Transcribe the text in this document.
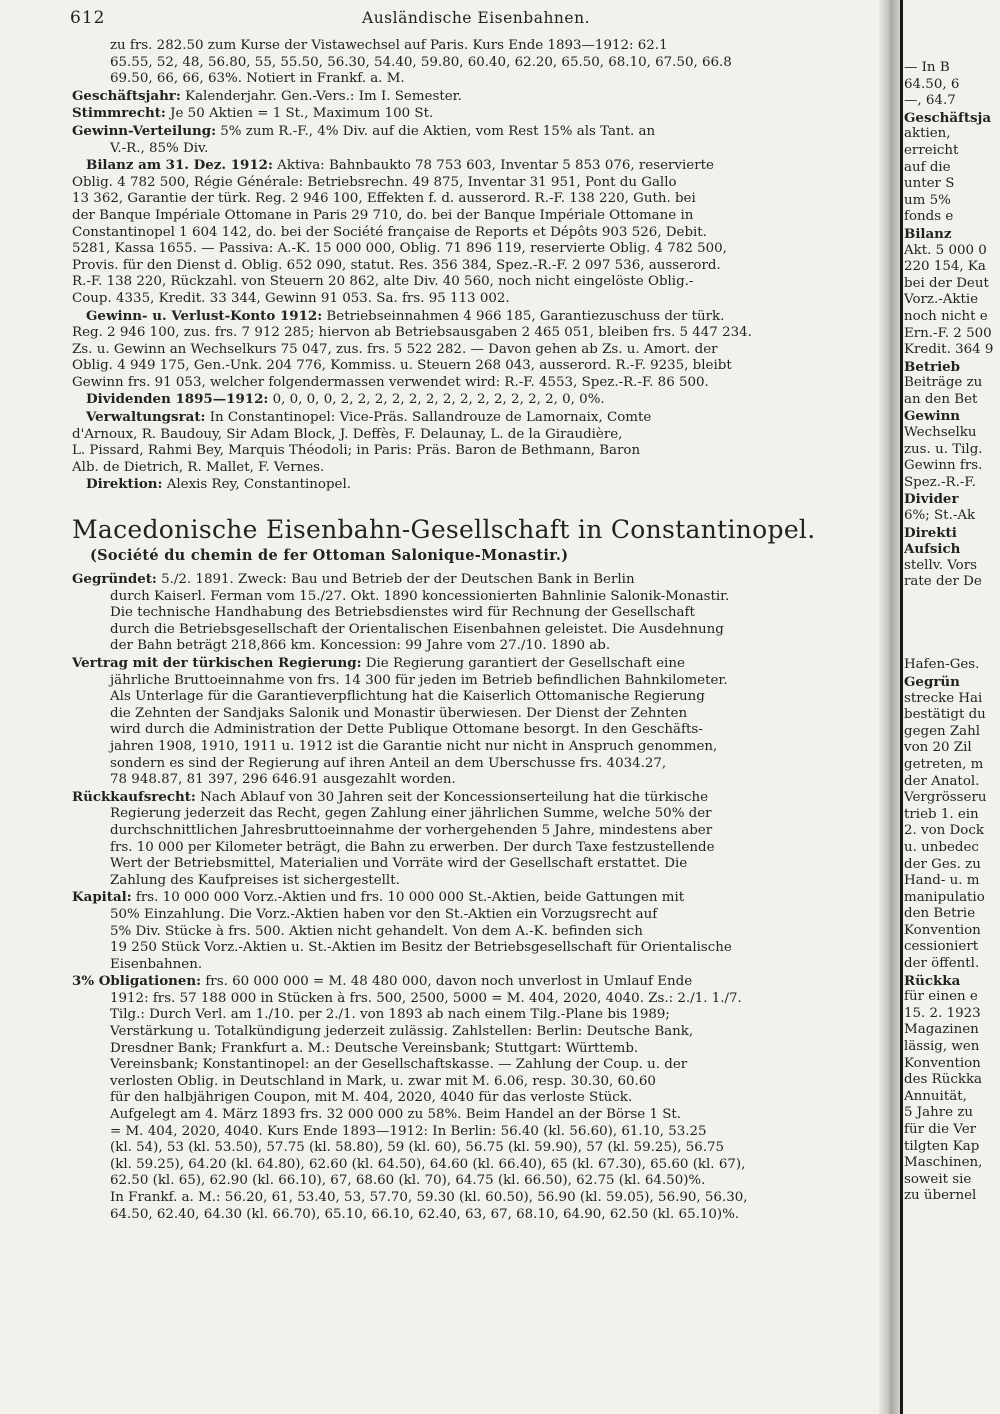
612	Ausländische Eisenbahnen.
zu frs. 282.50 zum Kurse der Vistawechsel auf Paris. Kurs Ende 1893—1912: 62.1
65.55, 52, 48, 56.80, 55, 55.50, 56.30, 54.40, 59.80, 60.40, 62.20, 65.50, 68.10, 67.50, 66.8
69.50, 66, 66, 63%. Notiert in Frankf. a. M.
Geschäftsjahr: Kalenderjahr. Gen.-Vers.: Im I. Semester.
Stimmrecht: Je 50 Aktien = 1 St., Maximum 100 St.
Gewinn-Verteilung: 5% zum R.-F., 4% Div. auf die Aktien, vom Rest 15% als Tant. an
V.-R., 85% Div.
Bilanz am 31. Dez. 1912: Aktiva: Bahnbaukto 78 753 603, Inventar 5 853 076, reservierte
Oblig. 4 782 500, Régie Générale: Betriebsrechn. 49 875, Inventar 31 951, Pont du Gallo
13 362, Garantie der türk. Reg. 2 946 100, Effekten f. d. ausserord. R.-F. 138 220, Guth. bei
der Banque Impériale Ottomane in Paris 29 710, do. bei der Banque Impériale Ottomane in
Constantinopel 1 604 142, do. bei der Société française de Reports et Dépôts 903 526, Debit.
5281, Kassa 1655. — Passiva: A.-K. 15 000 000, Oblig. 71 896 119, reservierte Oblig. 4 782 500,
Provis. für den Dienst d. Oblig. 652 090, statut. Res. 356 384, Spez.-R.-F. 2 097 536, ausserord.
R.-F. 138 220, Rückzahl. von Steuern 20 862, alte Div. 40 560, noch nicht eingelöste Oblig.-
Coup. 4335, Kredit. 33 344, Gewinn 91 053. Sa. frs. 95 113 002.
Gewinn- u. Verlust-Konto 1912: Betriebseinnahmen 4 966 185, Garantiezuschuss der türk.
Reg. 2 946 100, zus. frs. 7 912 285; hiervon ab Betriebsausgaben 2 465 051, bleiben frs. 5 447 234.
Zs. u. Gewinn an Wechselkurs 75 047, zus. frs. 5 522 282. — Davon gehen ab Zs. u. Amort. der
Oblig. 4 949 175, Gen.-Unk. 204 776, Kommiss. u. Steuern 268 043, ausserord. R.-F. 9235, bleibt
Gewinn frs. 91 053, welcher folgendermassen verwendet wird: R.-F. 4553, Spez.-R.-F. 86 500.
Dividenden 1895—1912: 0, 0, 0, 0, 2, 2, 2, 2, 2, 2, 2, 2, 2, 2, 2, 2, 2, 0, 0%.
Verwaltungsrat: In Constantinopel: Vice-Präs. Sallandrouze de Lamornaix, Comte
d'Arnoux, R. Baudouy, Sir Adam Block, J. Deffès, F. Delaunay, L. de la Giraudière,
L. Pissard, Rahmi Bey, Marquis Théodoli; in Paris: Präs. Baron de Bethmann, Baron
Alb. de Dietrich, R. Mallet, F. Vernes.
Direktion: Alexis Rey, Constantinopel.
Macedonische Eisenbahn-Gesellschaft in Constantinopel.
(Société du chemin de fer Ottoman Salonique-Monastir.)
Gegründet: 5./2. 1891. Zweck: Bau und Betrieb der der Deutschen Bank in Berlin
durch Kaiserl. Ferman vom 15./27. Okt. 1890 koncessionierten Bahnlinie Salonik-Monastir.
Die technische Handhabung des Betriebsdienstes wird für Rechnung der Gesellschaft
durch die Betriebsgesellschaft der Orientalischen Eisenbahnen geleistet. Die Ausdehnung
der Bahn beträgt 218,866 km. Koncession: 99 Jahre vom 27./10. 1890 ab.
Vertrag mit der türkischen Regierung: Die Regierung garantiert der Gesellschaft eine
jährliche Bruttoeinnahme von frs. 14 300 für jeden im Betrieb befindlichen Bahnkilometer.
Als Unterlage für die Garantieverpflichtung hat die Kaiserlich Ottomanische Regierung
die Zehnten der Sandjaks Salonik und Monastir überwiesen. Der Dienst der Zehnten
wird durch die Administration der Dette Publique Ottomane besorgt. In den Geschäfts-
jahren 1908, 1910, 1911 u. 1912 ist die Garantie nicht nur nicht in Anspruch genommen,
sondern es sind der Regierung auf ihren Anteil an dem Überschusse frs. 4034.27,
78 948.87, 81 397, 296 646.91 ausgezahlt worden.
Rückkaufsrecht: Nach Ablauf von 30 Jahren seit der Koncessionserteilung hat die türkische
Regierung jederzeit das Recht, gegen Zahlung einer jährlichen Summe, welche 50% der
durchschnittlichen Jahresbruttoeinnahme der vorhergehenden 5 Jahre, mindestens aber
frs. 10 000 per Kilometer beträgt, die Bahn zu erwerben. Der durch Taxe festzustellende
Wert der Betriebsmittel, Materialien und Vorräte wird der Gesellschaft erstattet. Die
Zahlung des Kaufpreises ist sichergestellt.
Kapital: frs. 10 000 000 Vorz.-Aktien und frs. 10 000 000 St.-Aktien, beide Gattungen mit
50% Einzahlung. Die Vorz.-Aktien haben vor den St.-Aktien ein Vorzugsrecht auf
5% Div. Stücke à frs. 500. Aktien nicht gehandelt. Von dem A.-K. befinden sich
19 250 Stück Vorz.-Aktien u. St.-Aktien im Besitz der Betriebsgesellschaft für Orientalische
Eisenbahnen.
3% Obligationen: frs. 60 000 000 = M. 48 480 000, davon noch unverlost in Umlauf Ende
1912: frs. 57 188 000 in Stücken à frs. 500, 2500, 5000 = M. 404, 2020, 4040. Zs.: 2./1. 1./7.
Tilg.: Durch Verl. am 1./10. per 2./1. von 1893 ab nach einem Tilg.-Plane bis 1989;
Verstärkung u. Totalkündigung jederzeit zulässig. Zahlstellen: Berlin: Deutsche Bank,
Dresdner Bank; Frankfurt a. M.: Deutsche Vereinsbank; Stuttgart: Württemb.
Vereinsbank; Konstantinopel: an der Gesellschaftskasse. — Zahlung der Coup. u. der
verlosten Oblig. in Deutschland in Mark, u. zwar mit M. 6.06, resp. 30.30, 60.60
für den halbjährigen Coupon, mit M. 404, 2020, 4040 für das verloste Stück.
Aufgelegt am 4. März 1893 frs. 32 000 000 zu 58%. Beim Handel an der Börse 1 St.
= M. 404, 2020, 4040. Kurs Ende 1893—1912: In Berlin: 56.40 (kl. 56.60), 61.10, 53.25
(kl. 54), 53 (kl. 53.50), 57.75 (kl. 58.80), 59 (kl. 60), 56.75 (kl. 59.90), 57 (kl. 59.25), 56.75
(kl. 59.25), 64.20 (kl. 64.80), 62.60 (kl. 64.50), 64.60 (kl. 66.40), 65 (kl. 67.30), 65.60 (kl. 67),
62.50 (kl. 65), 62.90 (kl. 66.10), 67, 68.60 (kl. 70), 64.75 (kl. 66.50), 62.75 (kl. 64.50)%.
In Frankf. a. M.: 56.20, 61, 53.40, 53, 57.70, 59.30 (kl. 60.50), 56.90 (kl. 59.05), 56.90, 56.30,
64.50, 62.40, 64.30 (kl. 66.70), 65.10, 66.10, 62.40, 63, 67, 68.10, 64.90, 62.50 (kl. 65.10)%.
— In B
64.50, 6
—, 64.7
Geschäftsja
aktien,
erreicht
auf die
unter S
um 5%
fonds e
Bilanz
Akt. 5 000 0
220 154, Ka
bei der Deut
Vorz.-Aktie
noch nicht e
Ern.-F. 2 500
Kredit. 364 9
Betrieb
Beiträge zu
an den Bet
Gewinn
Wechselku
zus. u. Tilg.
Gewinn frs.
Spez.-R.-F.
Divider
6%; St.-Ak
Direkti
Aufsich
stellv. Vors
rate der De

Hafen-Ges.
Gegrün
strecke Hai
bestätigt du
gegen Zahl
von 20 Zil
getreten, m
der Anatol.
Vergrösseru
trieb 1. ein
2. von Dock
u. unbedec
der Ges. zu
Hand- u. m
manipulatio
den Betrie
Konvention
cessioniert
der öffentl.
Rückka
für einen e
15. 2. 1923
Magazinen
lässig, wen
Konvention
des Rückka
Annuität,
5 Jahre zu
für die Ver
tilgten Kap
Maschinen,
soweit sie
zu übernel
